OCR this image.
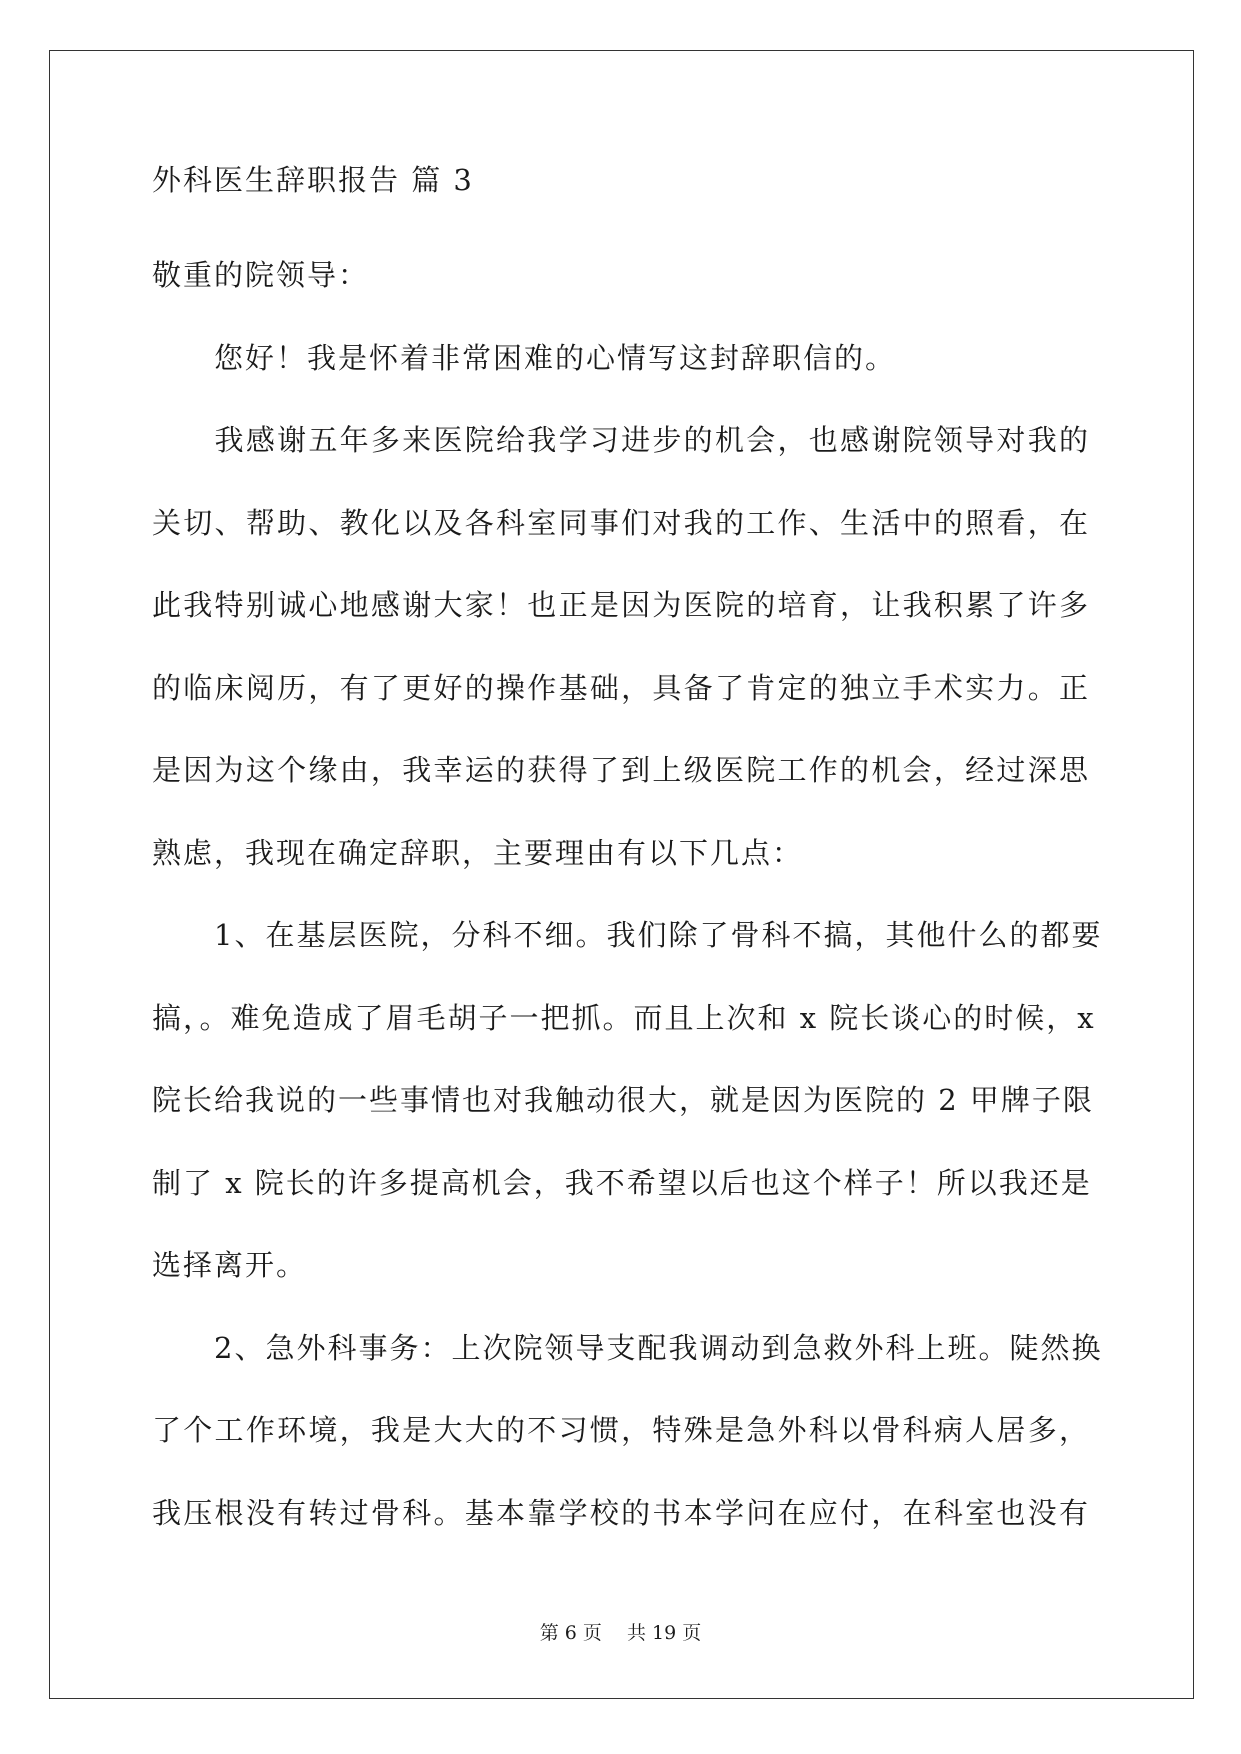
外科医生辞职报告 篇 3
敬重的院领导：
　　您好！我是怀着非常困难的心情写这封辞职信的。
　　我感谢五年多来医院给我学习进步的机会，也感谢院领导对我的
关切、帮助、教化以及各科室同事们对我的工作、生活中的照看，在
此我特别诚心地感谢大家！也正是因为医院的培育，让我积累了许多
的临床阅历，有了更好的操作基础，具备了肯定的独立手术实力。正
是因为这个缘由，我幸运的获得了到上级医院工作的机会，经过深思
熟虑，我现在确定辞职，主要理由有以下几点：
　　1、在基层医院，分科不细。我们除了骨科不搞，其他什么的都要
搞，。难免造成了眉毛胡子一把抓。而且上次和 x 院长谈心的时候，x
院长给我说的一些事情也对我触动很大，就是因为医院的 2 甲牌子限
制了 x 院长的许多提高机会，我不希望以后也这个样子！所以我还是
选择离开。
　　2、急外科事务：上次院领导支配我调动到急救外科上班。陡然换
了个工作环境，我是大大的不习惯，特殊是急外科以骨科病人居多，
我压根没有转过骨科。基本靠学校的书本学问在应付，在科室也没有
第 6 页　 共 19 页
